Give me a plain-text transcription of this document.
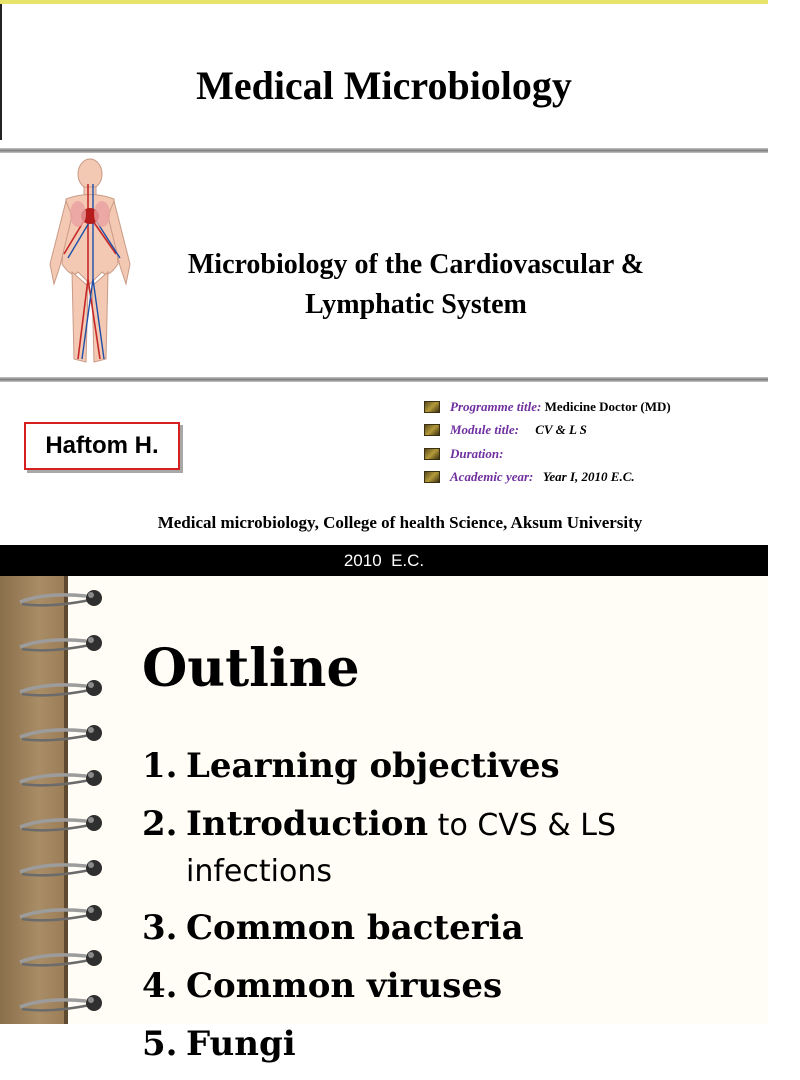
Medical Microbiology
Microbiology of the Cardiovascular &
Lymphatic System
Haftom H.
Programme title: Medicine Doctor (MD)
Module title: CV & L S
Duration:
Academic year: Year I, 2010 E.C.
Medical microbiology, College of health Science, Aksum University
2010  E.C.
Outline
1. Learning objectives
2. Introduction to CVS & LS infections
3. Common bacteria
4. Common viruses
5. Fungi
